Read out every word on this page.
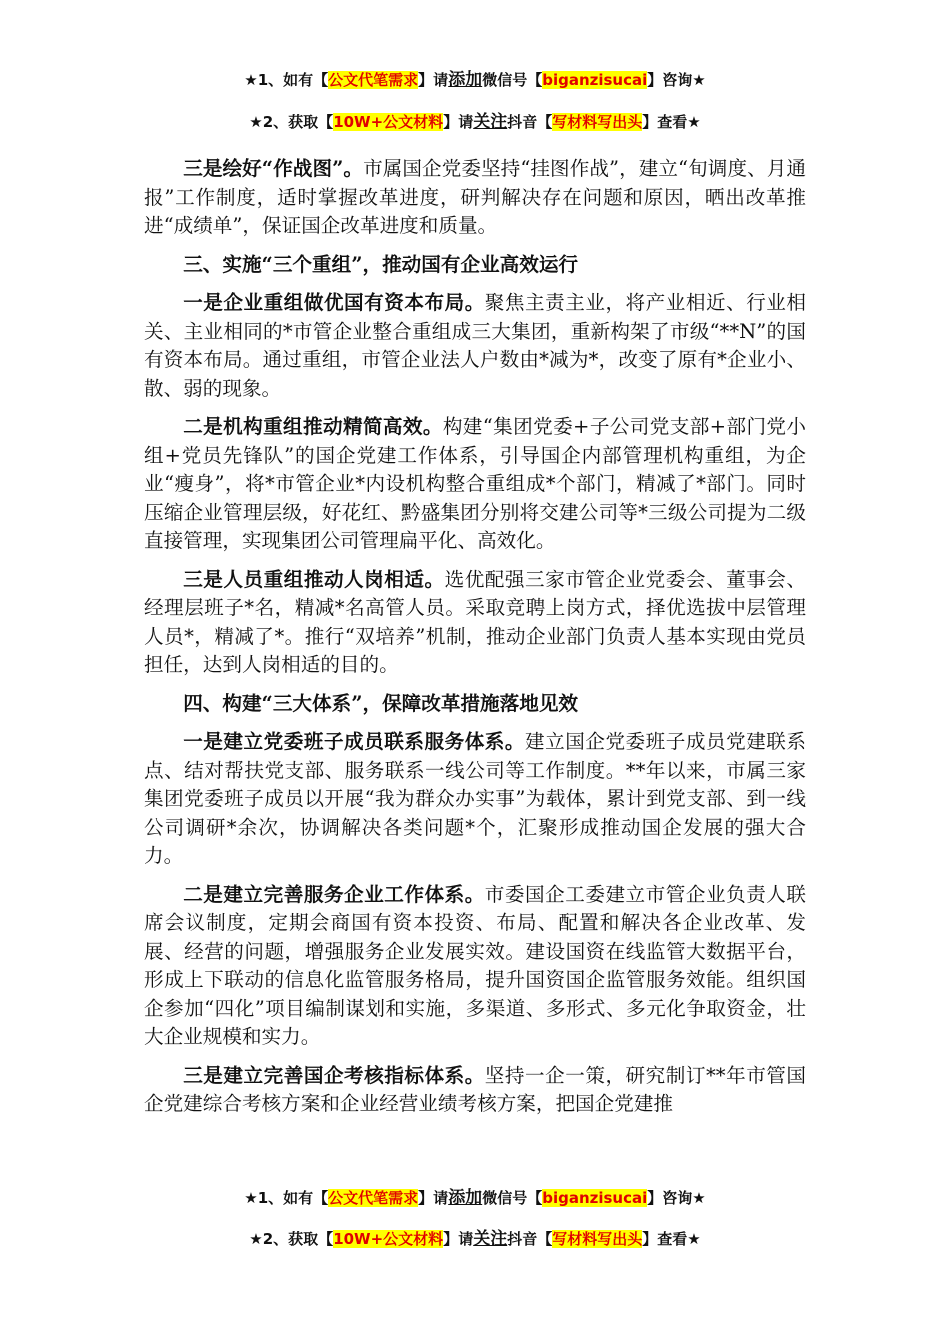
★1、如有【公文代笔需求】请添加微信号【biganzisucai】咨询★
★2、获取【10W+公文材料】请关注抖音【写材料写出头】查看★

三是绘好“作战图”。市属国企党委坚持“挂图作战”，建立“旬调度、月通报”工作制度，适时掌握改革进度，研判解决存在问题和原因，晒出改革推进“成绩单”，保证国企改革进度和质量。

三、实施“三个重组”，推动国有企业高效运行

一是企业重组做优国有资本布局。聚焦主责主业，将产业相近、行业相关、主业相同的*市管企业整合重组成三大集团，重新构架了市级“**N”的国有资本布局。通过重组，市管企业法人户数由*减为*，改变了原有*企业小、散、弱的现象。

二是机构重组推动精简高效。构建“集团党委+子公司党支部+部门党小组+党员先锋队”的国企党建工作体系，引导国企内部管理机构重组，为企业“瘦身”，将*市管企业*内设机构整合重组成*个部门，精减了*部门。同时压缩企业管理层级，好花红、黔盛集团分别将交建公司等*三级公司提为二级直接管理，实现集团公司管理扁平化、高效化。

三是人员重组推动人岗相适。选优配强三家市管企业党委会、董事会、经理层班子*名，精减*名高管人员。采取竞聘上岗方式，择优选拔中层管理人员*，精减了*。推行“双培养”机制，推动企业部门负责人基本实现由党员担任，达到人岗相适的目的。

四、构建“三大体系”，保障改革措施落地见效

一是建立党委班子成员联系服务体系。建立国企党委班子成员党建联系点、结对帮扶党支部、服务联系一线公司等工作制度。**年以来，市属三家集团党委班子成员以开展“我为群众办实事”为载体，累计到党支部、到一线公司调研*余次，协调解决各类问题*个，汇聚形成推动国企发展的强大合力。

二是建立完善服务企业工作体系。市委国企工委建立市管企业负责人联席会议制度，定期会商国有资本投资、布局、配置和解决各企业改革、发展、经营的问题，增强服务企业发展实效。建设国资在线监管大数据平台，形成上下联动的信息化监管服务格局，提升国资国企监管服务效能。组织国企参加“四化”项目编制谋划和实施，多渠道、多形式、多元化争取资金，壮大企业规模和实力。

三是建立完善国企考核指标体系。坚持一企一策，研究制订**年市管国企党建综合考核方案和企业经营业绩考核方案，把国企党建推

★1、如有【公文代笔需求】请添加微信号【biganzisucai】咨询★
★2、获取【10W+公文材料】请关注抖音【写材料写出头】查看★
